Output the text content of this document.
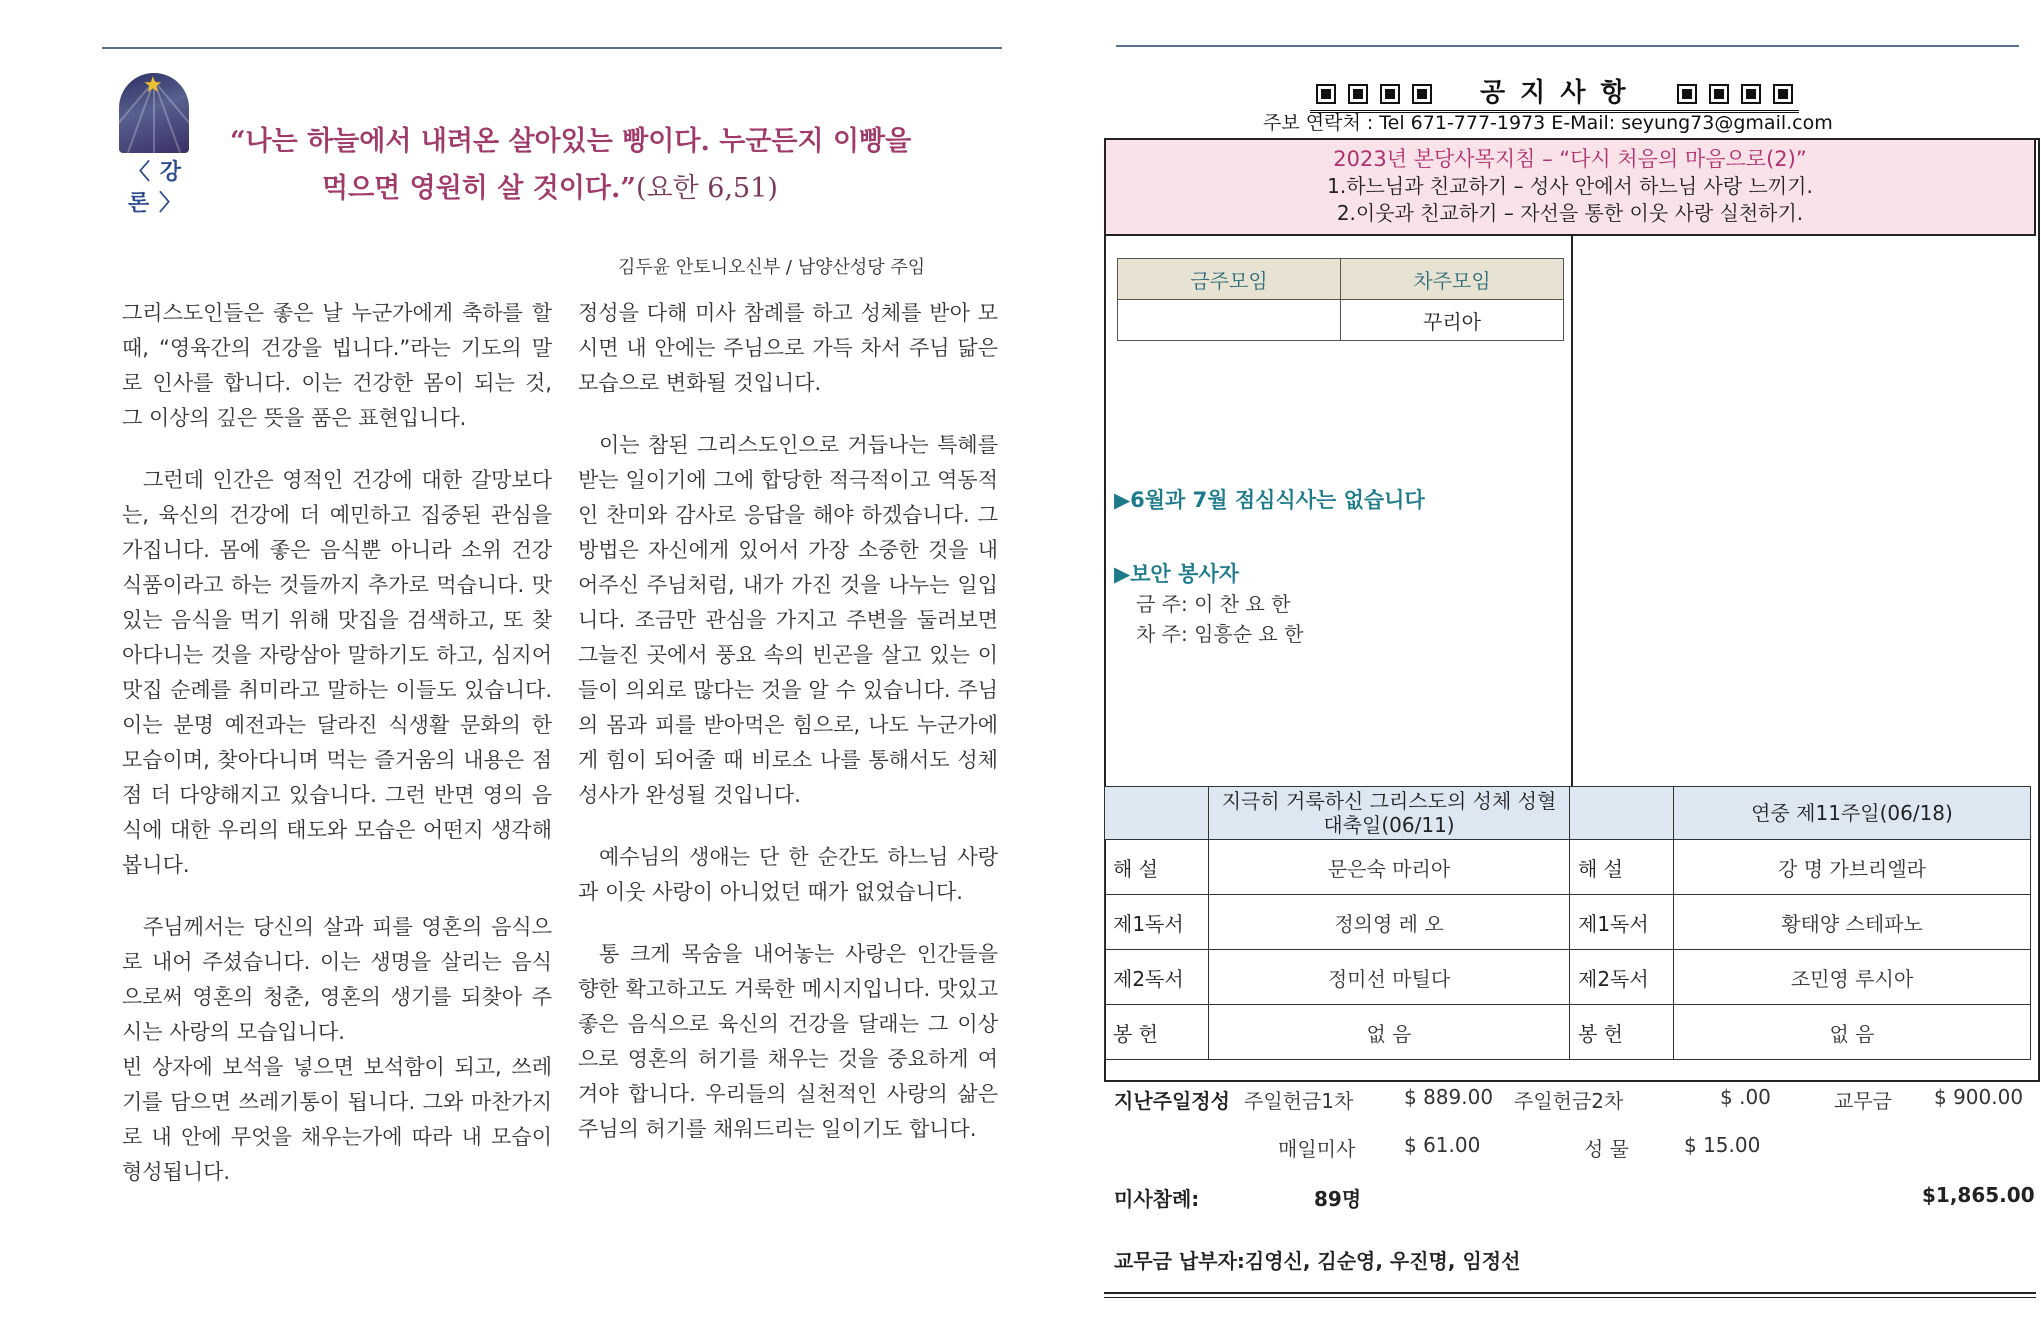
★
〈 강론 〉
“나는 하늘에서 내려온 살아있는 빵이다. 누군든지 이빵을
먹으면 영원히 살 것이다.”(요한 6,51)
김두윤 안토니오신부 / 남양산성당 주임

그리스도인들은 좋은 날 누군가에게 축하를 할 때, “영육간의 건강을 빕니다.”라는 기도의 말로 인사를 합니다. 이는 건강한 몸이 되는 것, 그 이상의 깊은 뜻을 품은 표현입니다.

그런데 인간은 영적인 건강에 대한 갈망보다는, 육신의 건강에 더 예민하고 집중된 관심을 가집니다. 몸에 좋은 음식뿐 아니라 소위 건강식품이라고 하는 것들까지 추가로 먹습니다. 맛있는 음식을 먹기 위해 맛집을 검색하고, 또 찾아다니는 것을 자랑삼아 말하기도 하고, 심지어 맛집 순례를 취미라고 말하는 이들도 있습니다. 이는 분명 예전과는 달라진 식생활 문화의 한 모습이며, 찾아다니며 먹는 즐거움의 내용은 점점 더 다양해지고 있습니다. 그런 반면 영의 음식에 대한 우리의 태도와 모습은 어떤지 생각해 봅니다.

주님께서는 당신의 살과 피를 영혼의 음식으로 내어 주셨습니다. 이는 생명을 살리는 음식으로써 영혼의 청춘, 영혼의 생기를 되찾아 주시는 사랑의 모습입니다.

빈 상자에 보석을 넣으면 보석함이 되고, 쓰레기를 담으면 쓰레기통이 됩니다. 그와 마찬가지로 내 안에 무엇을 채우는가에 따라 내 모습이 형성됩니다.

정성을 다해 미사 참례를 하고 성체를 받아 모시면 내 안에는 주님으로 가득 차서 주님 닮은 모습으로 변화될 것입니다.

이는 참된 그리스도인으로 거듭나는 특혜를 받는 일이기에 그에 합당한 적극적이고 역동적인 찬미와 감사로 응답을 해야 하겠습니다. 그 방법은 자신에게 있어서 가장 소중한 것을 내어주신 주님처럼, 내가 가진 것을 나누는 일입니다. 조금만 관심을 가지고 주변을 둘러보면 그늘진 곳에서 풍요 속의 빈곤을 살고 있는 이들이 의외로 많다는 것을 알 수 있습니다. 주님의 몸과 피를 받아먹은 힘으로, 나도 누군가에게 힘이 되어줄 때 비로소 나를 통해서도 성체성사가 완성될 것입니다.

예수님의 생애는 단 한 순간도 하느님 사랑과 이웃 사랑이 아니었던 때가 없었습니다.

통 크게 목숨을 내어놓는 사랑은 인간들을 향한 확고하고도 거룩한 메시지입니다. 맛있고 좋은 음식으로 육신의 건강을 달래는 그 이상으로 영혼의 허기를 채우는 것을 중요하게 여겨야 합니다. 우리들의 실천적인 사랑의 삶은 주님의 허기를 채워드리는 일이기도 합니다.

공 지 사 항
주보 연락처 : Tel 671-777-1973 E-Mail: seyung73@gmail.com
2023년 본당사목지침 – “다시 처음의 마음으로(2)”
1.하느님과 친교하기 – 성사 안에서 하느님 사랑 느끼기.
2.이웃과 친교하기 – 자선을 통한 이웃 사랑 실천하기.
금주모임	차주모임
	꾸리아
▶6월과 7월 점심식사는 없습니다
▶보안 봉사자
금 주: 이 찬 요 한
차 주: 임흥순 요 한
	지극히 거룩하신 그리스도의 성체 성혈 대축일(06/11)		연중 제11주일(06/18)
해 설	문은숙 마리아	해 설	강 명 가브리엘라
제1독서	정의영 레 오	제1독서	황태양 스테파노
제2독서	정미선 마틸다	제2독서	조민영 루시아
봉 헌	없 음	봉 헌	없 음
지난주일정성 주일헌금1차	$ 889.00 주일헌금2차	$ .00	교무금 $ 900.00
매일미사 $ 61.00	성 물	$ 15.00
미사참례:	89명	$1,865.00
교무금 납부자:김영신, 김순영, 우진명, 임정선
